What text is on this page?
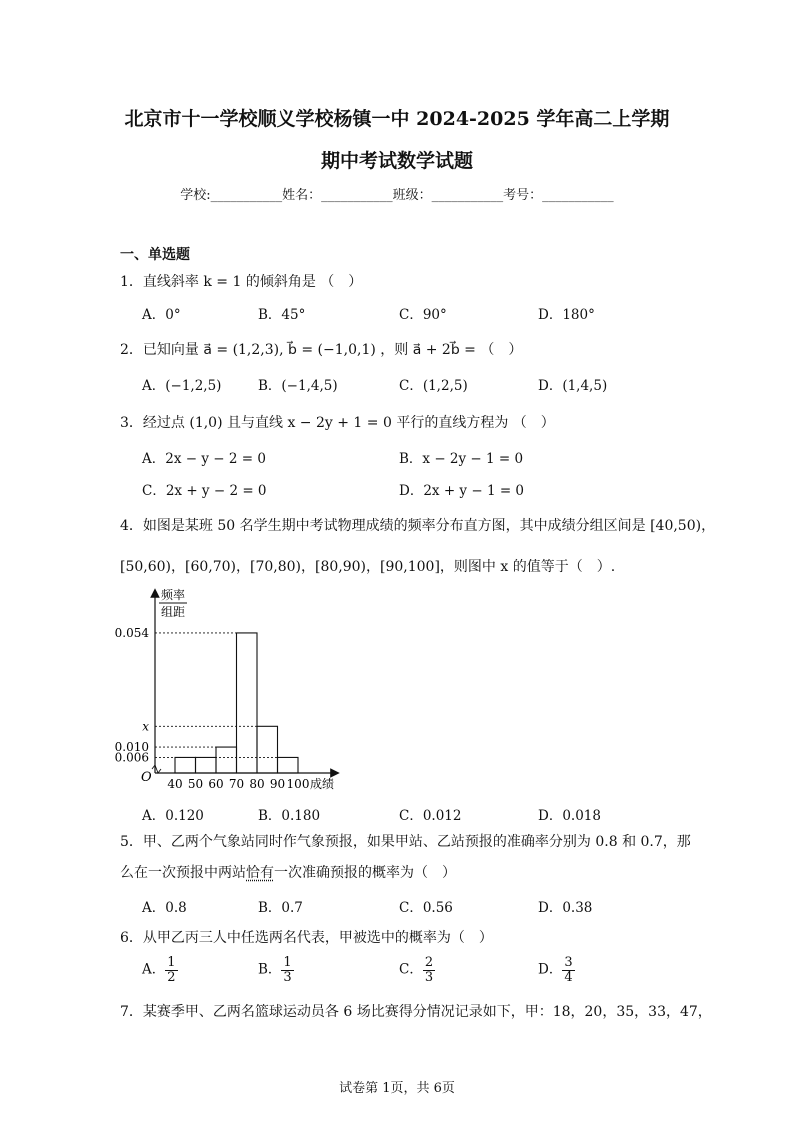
北京市十一学校顺义学校杨镇一中 2024-2025 学年高二上学期
期中考试数学试题
学校:___________姓名：___________班级：___________考号：___________
一、单选题
1．直线斜率 k = 1 的倾斜角是 （　）
A．0°	B．45°	C．90°	D．180°
2．已知向量 a⃗ = (1,2,3), b⃗ = (−1,0,1) ，则 a⃗ + 2b⃗ = （　）
A．(−1,2,5)	B．(−1,4,5)	C．(1,2,5)	D．(1,4,5)
3．经过点 (1,0) 且与直线 x − 2y + 1 = 0 平行的直线方程为 （　）
A．2x − y − 2 = 0	B．x − 2y − 1 = 0
C．2x + y − 2 = 0	D．2x + y − 1 = 0
4．如图是某班 50 名学生期中考试物理成绩的频率分布直方图，其中成绩分组区间是 [40,50)，
[50,60)，[60,70)，[70,80)，[80,90)，[90,100]，则图中 x 的值等于（　）.
0.054
x
0.010
0.006
40 50 60 70 80 90 100 成绩
O
频率
组距
A．0.120	B．0.180	C．0.012	D．0.018
5．甲、乙两个气象站同时作气象预报，如果甲站、乙站预报的准确率分别为 0.8 和 0.7，那
么在一次预报中两站恰有一次准确预报的概率为（　）
A．0.8	B．0.7	C．0.56	D．0.38
6．从甲乙丙三人中任选两名代表，甲被选中的概率为（　）
A． $\frac{1}{2}$	B． $\frac{1}{3}$	C． $\frac{2}{3}$	D． $\frac{3}{4}$
7．某赛季甲、乙两名篮球运动员各 6 场比赛得分情况记录如下，甲：18，20，35，33，47，
试卷第 1页，共 6页
